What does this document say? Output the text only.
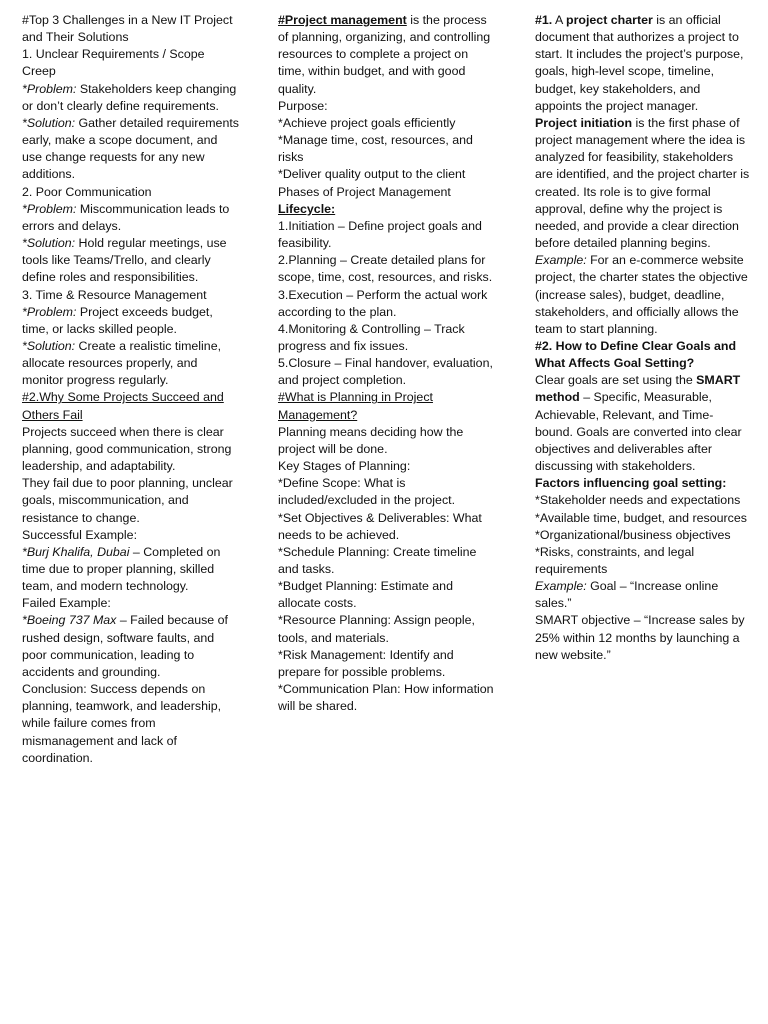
#Top 3 Challenges in a New IT Project and Their Solutions

1. Unclear Requirements / Scope Creep

*Problem: Stakeholders keep changing or don’t clearly define requirements.

*Solution: Gather detailed requirements early, make a scope document, and use change requests for any new additions.

2. Poor Communication

*Problem: Miscommunication leads to errors and delays.

*Solution: Hold regular meetings, use tools like Teams/Trello, and clearly define roles and responsibilities.

3. Time & Resource Management

*Problem: Project exceeds budget, time, or lacks skilled people.

*Solution: Create a realistic timeline, allocate resources properly, and monitor progress regularly.

#2.Why Some Projects Succeed and Others Fail

Projects succeed when there is clear planning, good communication, strong leadership, and adaptability.

They fail due to poor planning, unclear goals, miscommunication, and resistance to change.

Successful Example:

*Burj Khalifa, Dubai – Completed on time due to proper planning, skilled team, and modern technology.

Failed Example:

*Boeing 737 Max – Failed because of rushed design, software faults, and poor communication, leading to accidents and grounding.

Conclusion: Success depends on planning, teamwork, and leadership, while failure comes from mismanagement and lack of coordination.

#Project management is the process of planning, organizing, and controlling resources to complete a project on time, within budget, and with good quality.

Purpose:

*Achieve project goals efficiently

*Manage time, cost, resources, and risks

*Deliver quality output to the client

Phases of Project Management

Lifecycle:

1.Initiation – Define project goals and feasibility.

2.Planning – Create detailed plans for scope, time, cost, resources, and risks.

3.Execution – Perform the actual work according to the plan.

4.Monitoring & Controlling – Track progress and fix issues.

5.Closure – Final handover, evaluation, and project completion.

#What is Planning in Project Management?

Planning means deciding how the project will be done.

Key Stages of Planning:

*Define Scope: What is included/excluded in the project.

*Set Objectives & Deliverables: What needs to be achieved.

*Schedule Planning: Create timeline and tasks.

*Budget Planning: Estimate and allocate costs.

*Resource Planning: Assign people, tools, and materials.

*Risk Management: Identify and prepare for possible problems.

*Communication Plan: How information will be shared.

#1. A project charter is an official document that authorizes a project to start. It includes the project’s purpose, goals, high-level scope, timeline, budget, key stakeholders, and appoints the project manager.

Project initiation is the first phase of project management where the idea is analyzed for feasibility, stakeholders are identified, and the project charter is created. Its role is to give formal approval, define why the project is needed, and provide a clear direction before detailed planning begins.

Example: For an e-commerce website project, the charter states the objective (increase sales), budget, deadline, stakeholders, and officially allows the team to start planning.

#2. How to Define Clear Goals and What Affects Goal Setting?

Clear goals are set using the SMART method – Specific, Measurable, Achievable, Relevant, and Time-bound. Goals are converted into clear objectives and deliverables after discussing with stakeholders.

Factors influencing goal setting:

*Stakeholder needs and expectations

*Available time, budget, and resources

*Organizational/business objectives

*Risks, constraints, and legal requirements

Example: Goal – “Increase online sales.”

SMART objective – “Increase sales by 25% within 12 months by launching a new website.”
